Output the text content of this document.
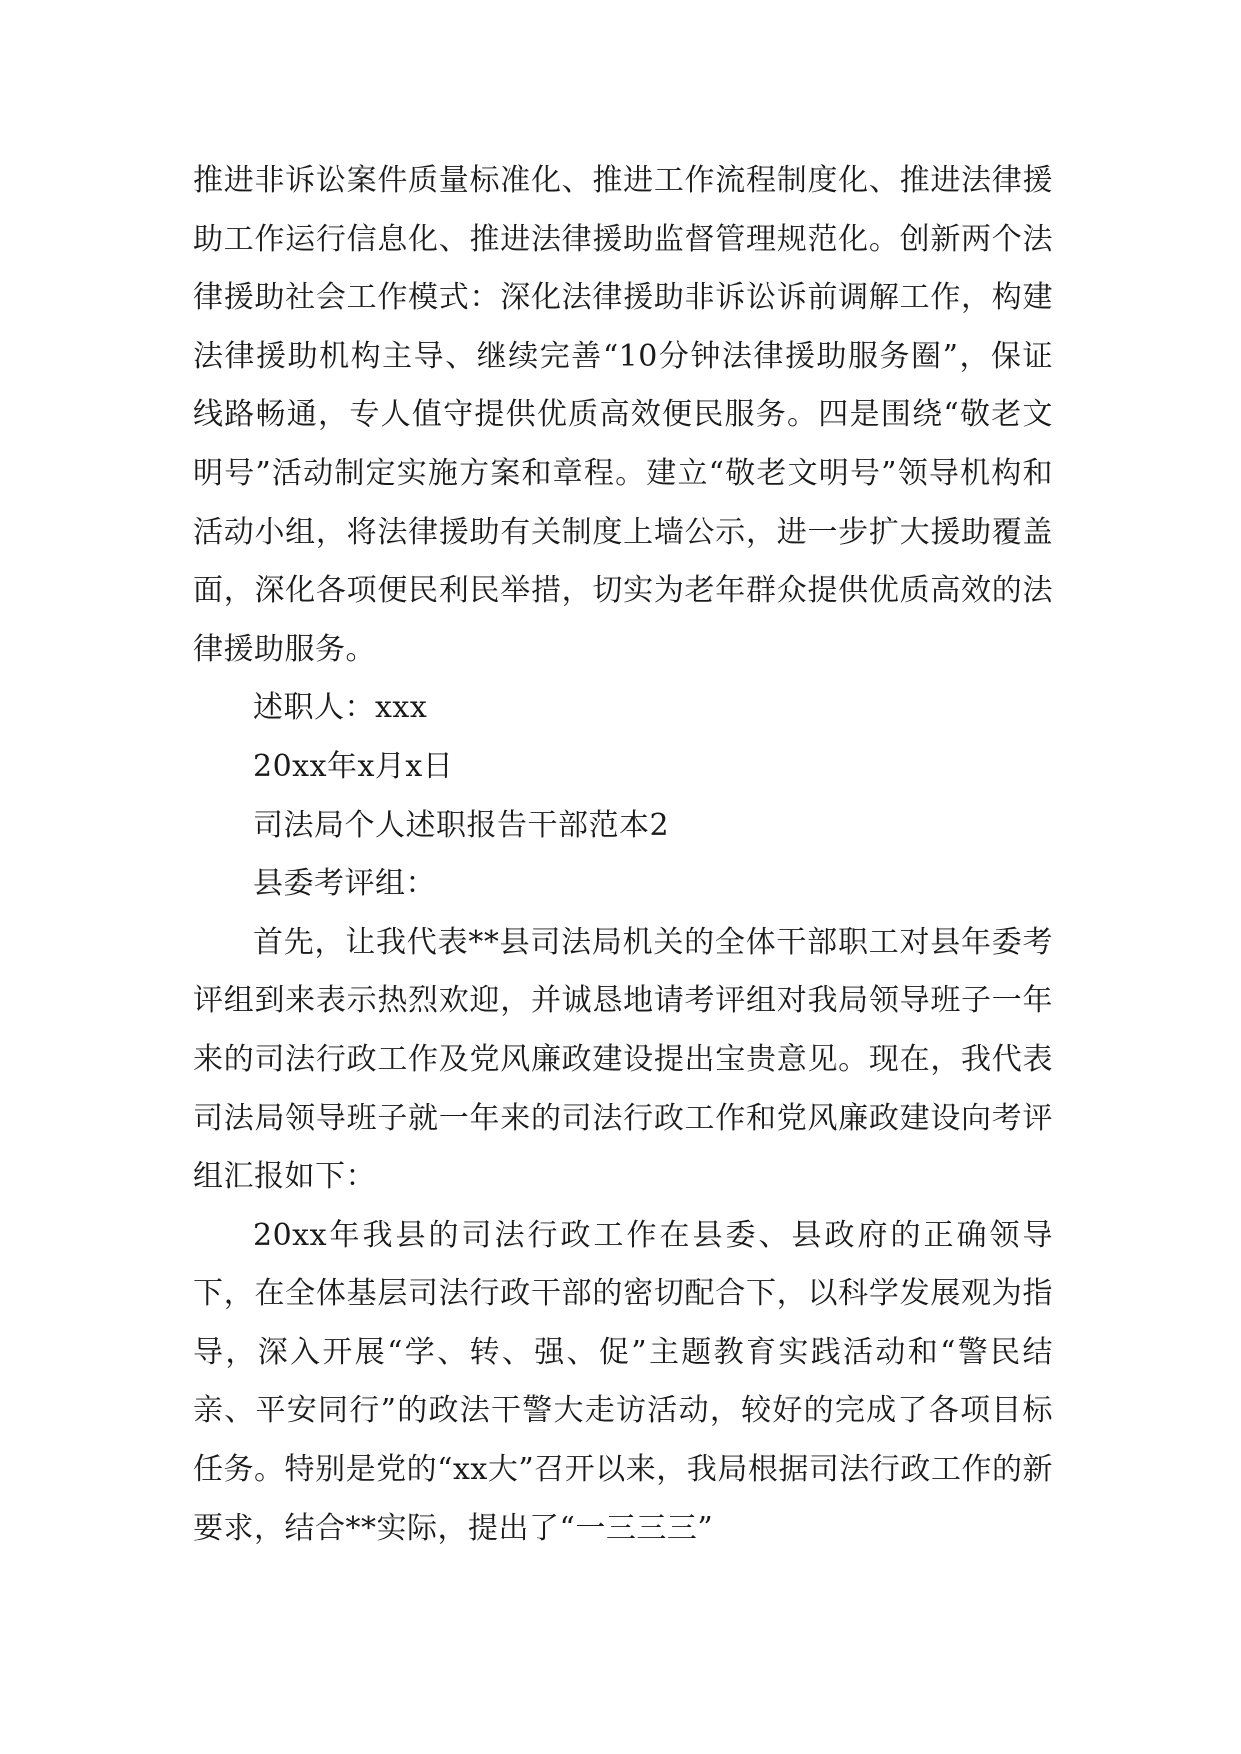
推进非诉讼案件质量标准化、推进工作流程制度化、推进法律援助工作运行信息化、推进法律援助监督管理规范化。创新两个法律援助社会工作模式：深化法律援助非诉讼诉前调解工作，构建法律援助机构主导、继续完善“10分钟法律援助服务圈”，保证线路畅通，专人值守提供优质高效便民服务。四是围绕“敬老文明号”活动制定实施方案和章程。建立“敬老文明号”领导机构和活动小组，将法律援助有关制度上墙公示，进一步扩大援助覆盖面，深化各项便民利民举措，切实为老年群众提供优质高效的法律援助服务。

述职人：xxx

20xx年x月x日

司法局个人述职报告干部范本2

县委考评组：

首先，让我代表**县司法局机关的全体干部职工对县年委考评组到来表示热烈欢迎，并诚恳地请考评组对我局领导班子一年来的司法行政工作及党风廉政建设提出宝贵意见。现在，我代表司法局领导班子就一年来的司法行政工作和党风廉政建设向考评组汇报如下：

20xx年我县的司法行政工作在县委、县政府的正确领导下，在全体基层司法行政干部的密切配合下，以科学发展观为指导，深入开展“学、转、强、促”主题教育实践活动和“警民结亲、平安同行”的政法干警大走访活动，较好的完成了各项目标任务。特别是党的“xx大”召开以来，我局根据司法行政工作的新要求，结合**实际，提出了“一三三三”
